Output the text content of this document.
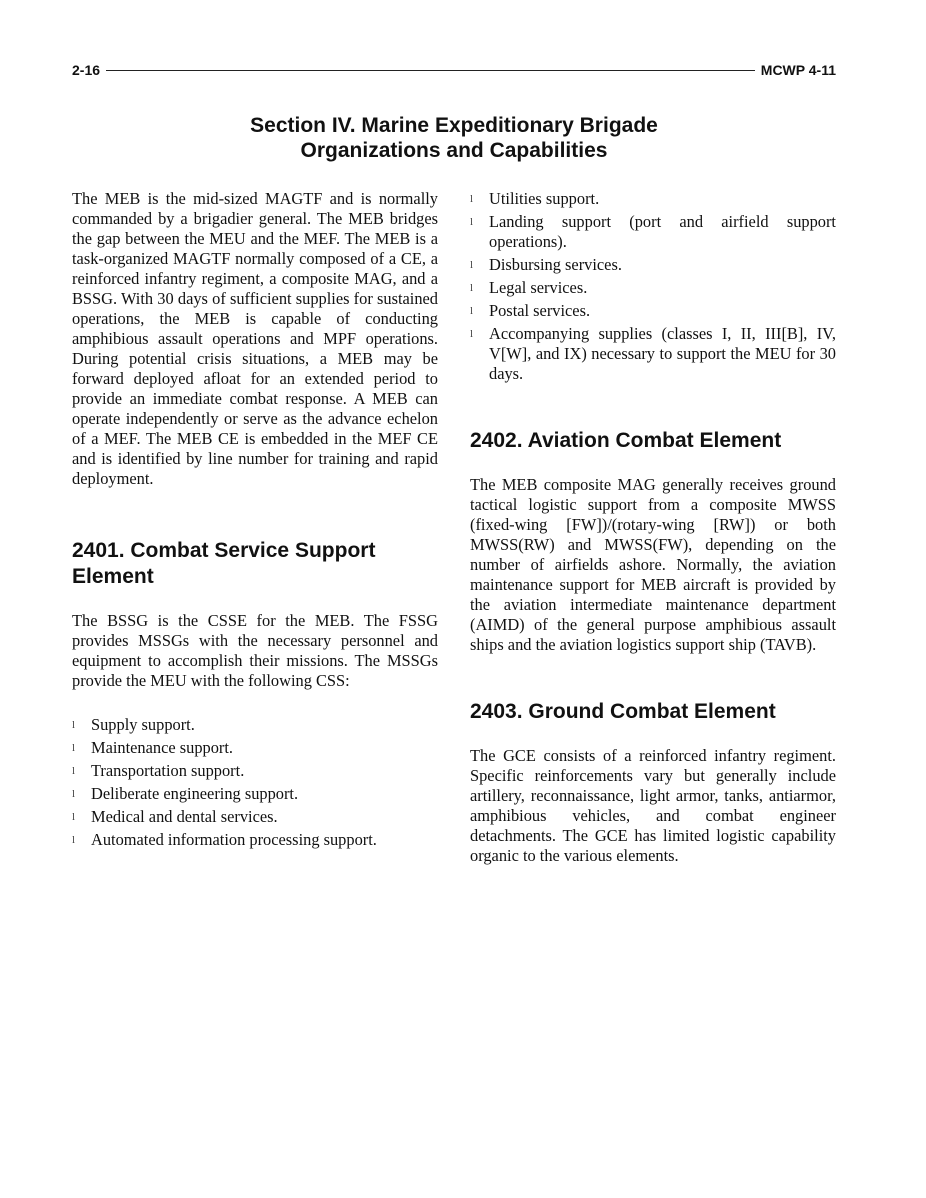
2-16	MCWP 4-11
Section IV. Marine Expeditionary Brigade
Organizations and Capabilities

The MEB is the mid-sized MAGTF and is normally commanded by a brigadier general. The MEB bridges the gap between the MEU and the MEF. The MEB is a task-organized MAGTF normally composed of a CE, a reinforced infantry regiment, a composite MAG, and a BSSG. With 30 days of sufficient supplies for sustained operations, the MEB is capable of conducting amphibious assault operations and MPF operations. During potential crisis situations, a MEB may be forward deployed afloat for an extended period to provide an immediate combat response. A MEB can operate independently or serve as the advance echelon of a MEF. The MEB CE is embedded in the MEF CE and is identified by line number for training and rapid deployment.

2401. Combat Service Support Element

The BSSG is the CSSE for the MEB. The FSSG provides MSSGs with the necessary personnel and equipment to accomplish their missions. The MSSGs provide the MEU with the following CSS:

l Supply support.
l Maintenance support.
l Transportation support.
l Deliberate engineering support.
l Medical and dental services.
l Automated information processing support.
l Utilities support.
l Landing support (port and airfield support operations).
l Disbursing services.
l Legal services.
l Postal services.
l Accompanying supplies (classes I, II, III[B], IV, V[W], and IX) necessary to support the MEU for 30 days.
2402. Aviation Combat Element

The MEB composite MAG generally receives ground tactical logistic support from a composite MWSS (fixed-wing [FW])/(rotary-wing [RW]) or both MWSS(RW) and MWSS(FW), depending on the number of airfields ashore. Normally, the aviation maintenance support for MEB aircraft is provided by the aviation intermediate maintenance department (AIMD) of the general purpose amphibious assault ships and the aviation logistics support ship (TAVB).

2403. Ground Combat Element

The GCE consists of a reinforced infantry regiment. Specific reinforcements vary but generally include artillery, reconnaissance, light armor, tanks, antiarmor, amphibious vehicles, and combat engineer detachments. The GCE has limited logistic capability organic to the various elements.
